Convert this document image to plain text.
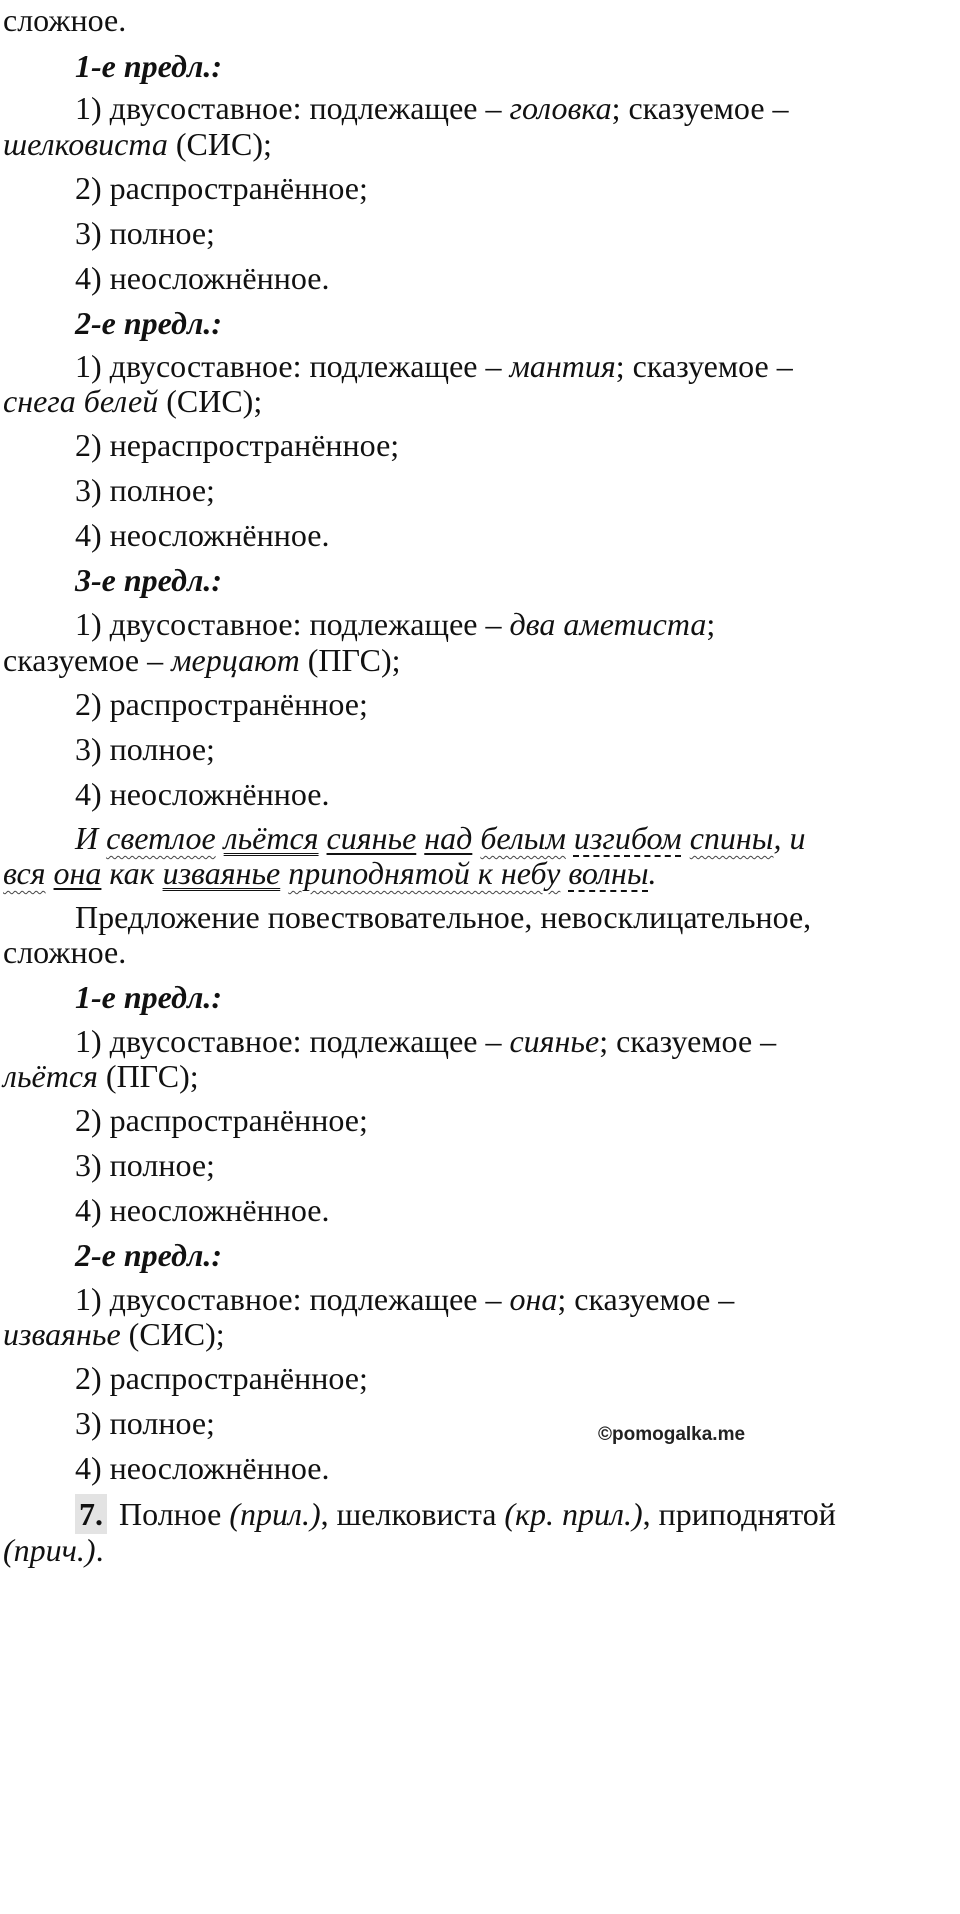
сложное.
1-е предл.:
1) двусоставное: подлежащее – головка; сказуемое –
шелковиста (СИС);
2) распространённое;
3) полное;
4) неосложнённое.
2-е предл.:
1) двусоставное: подлежащее – мантия; сказуемое –
снега белей (СИС);
2) нераспространённое;
3) полное;
4) неосложнённое.
3-е предл.:
1) двусоставное: подлежащее – два аметиста;
сказуемое – мерцают (ПГС);
2) распространённое;
3) полное;
4) неосложнённое.
И светлое льётся сиянье над белым изгибом спины, и
вся она как изваянье приподнятой к небу волны.
Предложение повествовательное, невосклицательное,
сложное.
1-е предл.:
1) двусоставное: подлежащее – сиянье; сказуемое –
льётся (ПГС);
2) распространённое;
3) полное;
4) неосложнённое.
2-е предл.:
1) двусоставное: подлежащее – она; сказуемое –
изваянье (СИС);
2) распространённое;
3) полное;
4) неосложнённое.
©pomogalka.me
7. Полное (прил.), шелковиста (кр. прил.), приподнятой
(прич.).
